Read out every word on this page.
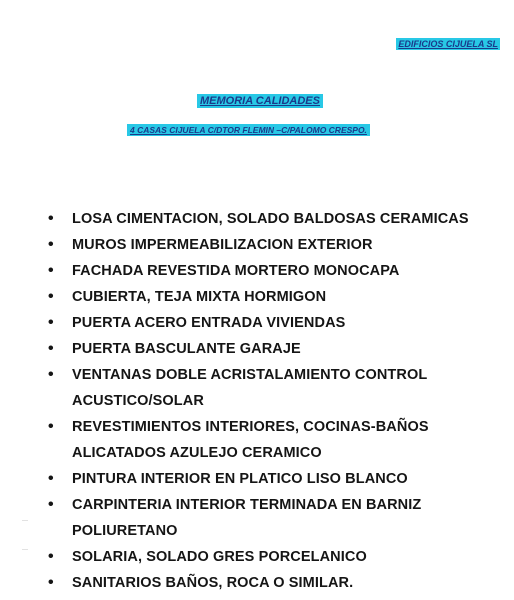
EDIFICIOS CIJUELA SL
MEMORIA CALIDADES
4 CASAS CIJUELA C/DTOR FLEMIN –C/PALOMO CRESPO.
•	LOSA CIMENTACION, SOLADO BALDOSAS CERAMICAS
•	MUROS IMPERMEABILIZACION EXTERIOR
•	FACHADA REVESTIDA MORTERO MONOCAPA
•	CUBIERTA, TEJA MIXTA HORMIGON
•	PUERTA ACERO ENTRADA VIVIENDAS
•	PUERTA BASCULANTE GARAJE
•	VENTANAS DOBLE ACRISTALAMIENTO CONTROL ACUSTICO/SOLAR
•	REVESTIMIENTOS INTERIORES, COCINAS-BAÑOS ALICATADOS AZULEJO CERAMICO
•	PINTURA INTERIOR EN PLATICO LISO BLANCO
•	CARPINTERIA INTERIOR TERMINADA EN BARNIZ POLIURETANO
•	SOLARIA, SOLADO GRES PORCELANICO
•	SANITARIOS BAÑOS, ROCA O SIMILAR.
